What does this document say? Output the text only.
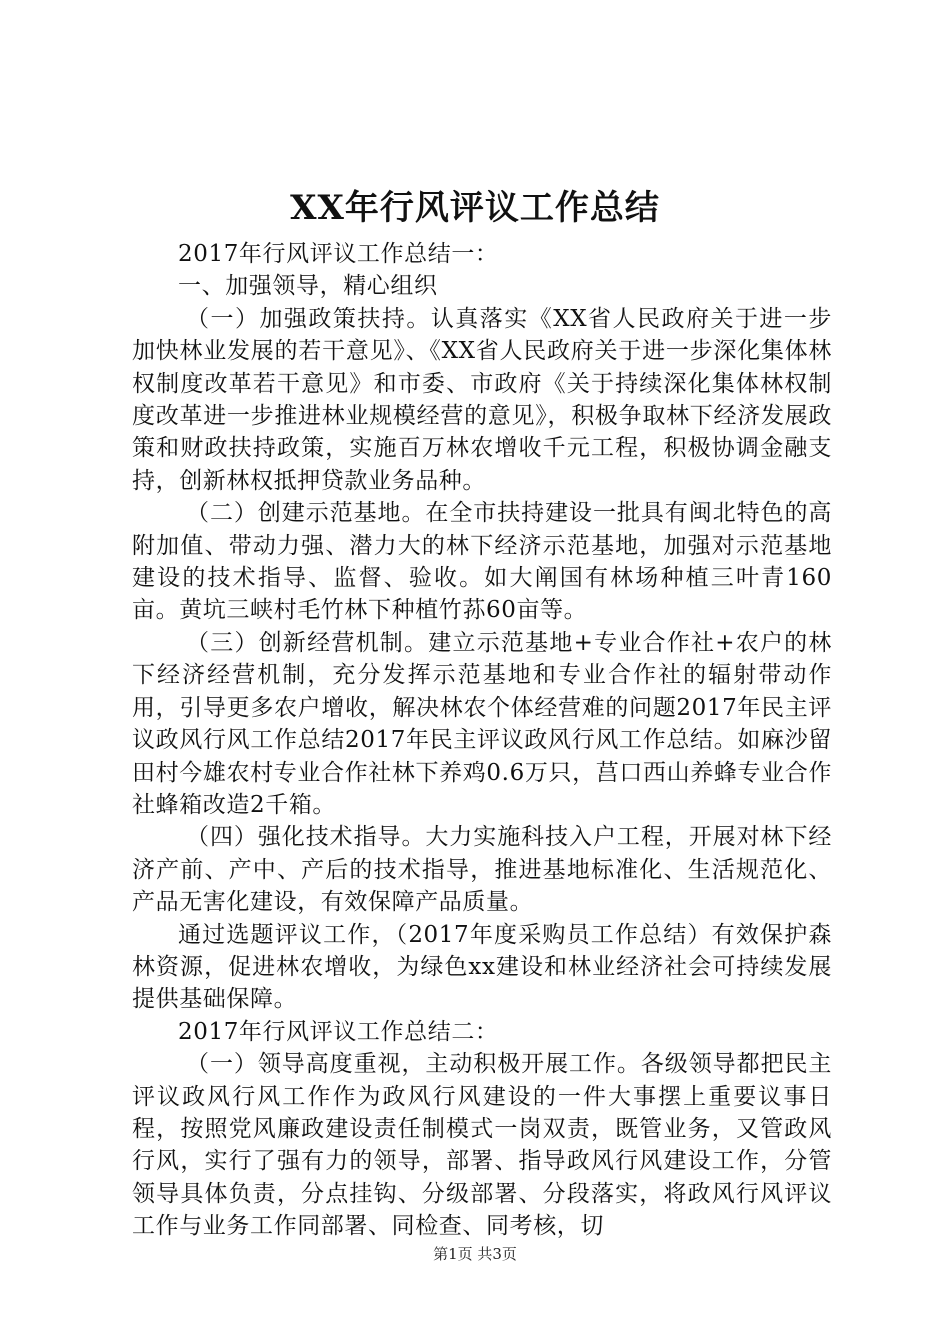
XX年行风评议工作总结

2017年行风评议工作总结一：

一、加强领导，精心组织

（一）加强政策扶持。认真落实《XX省人民政府关于进一步加快林业发展的若干意见》、《XX省人民政府关于进一步深化集体林权制度改革若干意见》和市委、市政府《关于持续深化集体林权制度改革进一步推进林业规模经营的意见》，积极争取林下经济发展政策和财政扶持政策，实施百万林农增收千元工程，积极协调金融支持，创新林权抵押贷款业务品种。

（二）创建示范基地。在全市扶持建设一批具有闽北特色的高附加值、带动力强、潜力大的林下经济示范基地，加强对示范基地建设的技术指导、监督、验收。如大阐国有林场种植三叶青160亩。黄坑三峡村毛竹林下种植竹荪60亩等。

（三）创新经营机制。建立示范基地+专业合作社+农户的林下经济经营机制，充分发挥示范基地和专业合作社的辐射带动作用，引导更多农户增收，解决林农个体经营难的问题2017年民主评议政风行风工作总结2017年民主评议政风行风工作总结。如麻沙留田村今雄农村专业合作社林下养鸡0.6万只，莒口西山养蜂专业合作社蜂箱改造2千箱。

（四）强化技术指导。大力实施科技入户工程，开展对林下经济产前、产中、产后的技术指导，推进基地标准化、生活规范化、产品无害化建设，有效保障产品质量。

通过选题评议工作，（2017年度采购员工作总结）有效保护森林资源，促进林农增收，为绿色xx建设和林业经济社会可持续发展提供基础保障。

2017年行风评议工作总结二：

（一）领导高度重视，主动积极开展工作。各级领导都把民主评议政风行风工作作为政风行风建设的一件大事摆上重要议事日程，按照党风廉政建设责任制模式一岗双责，既管业务，又管政风行风，实行了强有力的领导，部署、指导政风行风建设工作，分管领导具体负责，分点挂钩、分级部署、分段落实，将政风行风评议工作与业务工作同部署、同检查、同考核，切

第1页 共3页
